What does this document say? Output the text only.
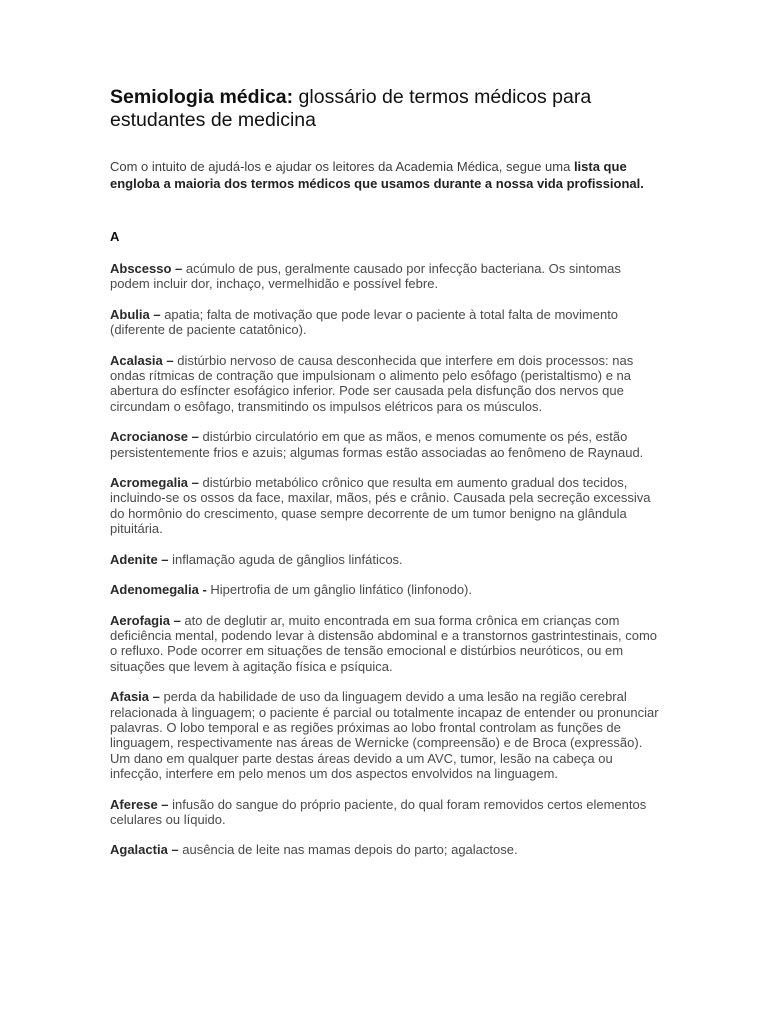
Semiologia médica: glossário de termos médicos para estudantes de medicina

Com o intuito de ajudá-los e ajudar os leitores da Academia Médica, segue uma lista que engloba a maioria dos termos médicos que usamos durante a nossa vida profissional.

A

Abscesso – acúmulo de pus, geralmente causado por infecção bacteriana. Os sintomas podem incluir dor, inchaço, vermelhidão e possível febre.

Abulia – apatia; falta de motivação que pode levar o paciente à total falta de movimento (diferente de paciente catatônico).

Acalasia – distúrbio nervoso de causa desconhecida que interfere em dois processos: nas ondas rítmicas de contração que impulsionam o alimento pelo esôfago (peristaltismo) e na abertura do esfíncter esofágico inferior. Pode ser causada pela disfunção dos nervos que circundam o esôfago, transmitindo os impulsos elétricos para os músculos.

Acrocianose – distúrbio circulatório em que as mãos, e menos comumente os pés, estão persistentemente frios e azuis; algumas formas estão associadas ao fenômeno de Raynaud.

Acromegalia – distúrbio metabólico crônico que resulta em aumento gradual dos tecidos, incluindo-se os ossos da face, maxilar, mãos, pés e crânio. Causada pela secreção excessiva do hormônio do crescimento, quase sempre decorrente de um tumor benigno na glândula pituitária.

Adenite – inflamação aguda de gânglios linfáticos.

Adenomegalia - Hipertrofia de um gânglio linfático (linfonodo).

Aerofagia – ato de deglutir ar, muito encontrada em sua forma crônica em crianças com deficiência mental, podendo levar à distensão abdominal e a transtornos gastrintestinais, como o refluxo. Pode ocorrer em situações de tensão emocional e distúrbios neuróticos, ou em situações que levem à agitação física e psíquica.

Afasia – perda da habilidade de uso da linguagem devido a uma lesão na região cerebral relacionada à linguagem; o paciente é parcial ou totalmente incapaz de entender ou pronunciar palavras. O lobo temporal e as regiões próximas ao lobo frontal controlam as funções de linguagem, respectivamente nas áreas de Wernicke (compreensão) e de Broca (expressão). Um dano em qualquer parte destas áreas devido a um AVC, tumor, lesão na cabeça ou infecção, interfere em pelo menos um dos aspectos envolvidos na linguagem.

Aferese – infusão do sangue do próprio paciente, do qual foram removidos certos elementos celulares ou líquido.

Agalactia – ausência de leite nas mamas depois do parto; agalactose.
